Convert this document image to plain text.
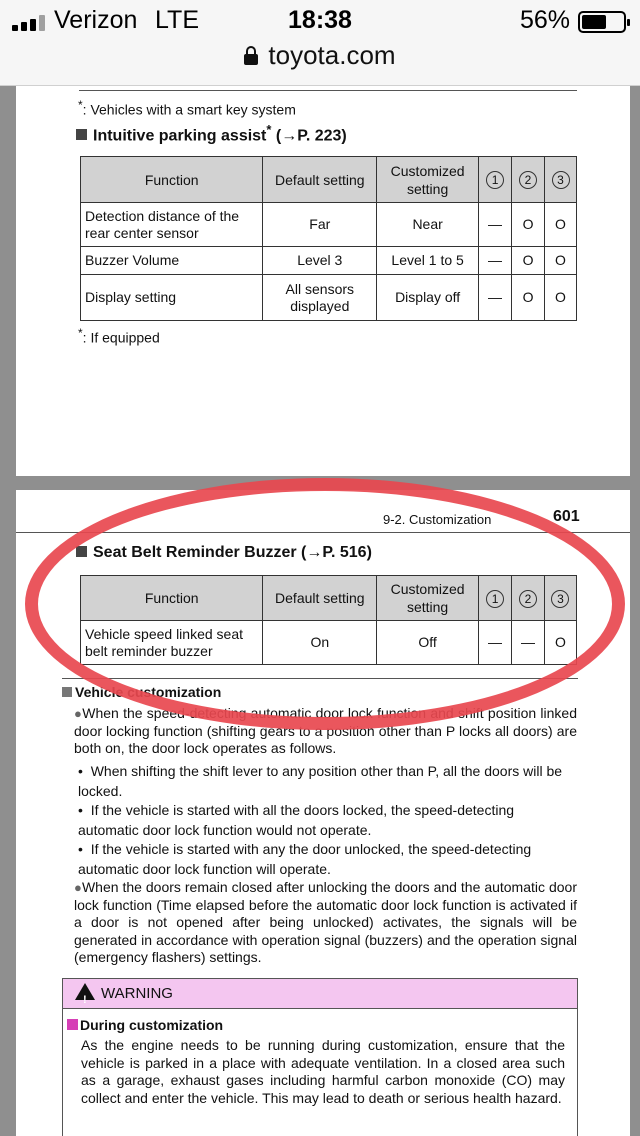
Verizon LTE	18:38	56%
toyota.com
*: Vehicles with a smart key system
Intuitive parking assist* (→P. 223)
Function	Default setting	Customized setting	1	2	3
Detection distance of the rear center sensor	Far	Near	—	O	O
Buzzer Volume	Level 3	Level 1 to 5	—	O	O
Display setting	All sensors displayed	Display off	—	O	O
*: If equipped
9-2. Customization	601
Seat Belt Reminder Buzzer (→P. 516)
Function	Default setting	Customized setting	1	2	3
Vehicle speed linked seat belt reminder buzzer	On	Off	—	—	O
Vehicle customization
●When the speed-detecting automatic door lock function and shift position linked door locking function (shifting gears to a position other than P locks all doors) are both on, the door lock operates as follows.
•  When shifting the shift lever to any position other than P, all the doors will be locked.
•  If the vehicle is started with all the doors locked, the speed-detecting automatic door lock function would not operate.
•  If the vehicle is started with any the door unlocked, the speed-detecting automatic door lock function will operate.
●When the doors remain closed after unlocking the doors and the automatic door lock function (Time elapsed before the automatic door lock function is activated if a door is not opened after being unlocked) activates, the signals will be generated in accordance with operation signal (buzzers) and the operation signal (emergency flashers) settings.
! WARNING
During customization
As the engine needs to be running during customization, ensure that the vehicle is parked in a place with adequate ventilation. In a closed area such as a garage, exhaust gases including harmful carbon monoxide (CO) may collect and enter the vehicle. This may lead to death or serious health hazard.
